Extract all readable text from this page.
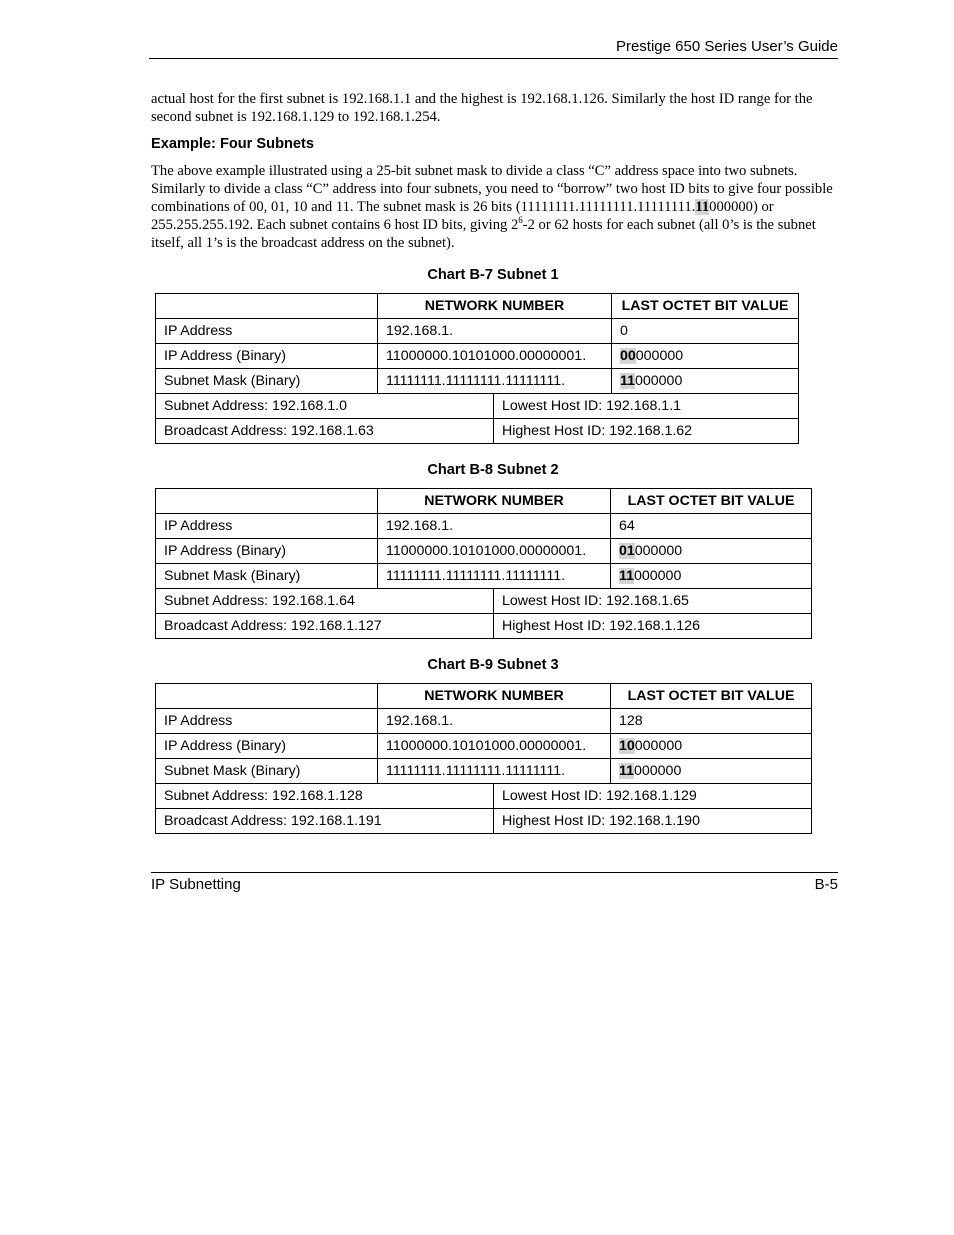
Prestige 650 Series User’s Guide

actual host for the first subnet is 192.168.1.1 and the highest is 192.168.1.126. Similarly the host ID range for the second subnet is 192.168.1.129 to 192.168.1.254.

Example: Four Subnets

The above example illustrated using a 25-bit subnet mask to divide a class “C” address space into two subnets. Similarly to divide a class “C” address into four subnets, you need to “borrow” two host ID bits to give four possible combinations of 00, 01, 10 and 11. The subnet mask is 26 bits (11111111.11111111.11111111.11000000) or 255.255.255.192. Each subnet contains 6 host ID bits, giving $2^6-2$ or 62 hosts for each subnet (all 0’s is the subnet itself, all 1’s is the broadcast address on the subnet).

Chart B-7 Subnet 1

	NETWORK NUMBER		LAST OCTET BIT VALUE
IP Address	192.168.1.		0
IP Address (Binary)	11000000.10101000.00000001.		00000000
Subnet Mask (Binary)	11111111.11111111.11111111.		11000000
Subnet Address: 192.168.1.0		Lowest Host ID: 192.168.1.1	
Broadcast Address: 192.168.1.63		Highest Host ID: 192.168.1.62	

Chart B-8 Subnet 2

	NETWORK NUMBER		LAST OCTET BIT VALUE
IP Address	192.168.1.		64
IP Address (Binary)	11000000.10101000.00000001.		01000000
Subnet Mask (Binary)	11111111.11111111.11111111.		11000000
Subnet Address: 192.168.1.64		Lowest Host ID: 192.168.1.65	
Broadcast Address: 192.168.1.127		Highest Host ID: 192.168.1.126	

Chart B-9 Subnet 3

	NETWORK NUMBER		LAST OCTET BIT VALUE
IP Address	192.168.1.		128
IP Address (Binary)	11000000.10101000.00000001.		10000000
Subnet Mask (Binary)	11111111.11111111.11111111.		11000000
Subnet Address: 192.168.1.128		Lowest Host ID: 192.168.1.129	
Broadcast Address: 192.168.1.191		Highest Host ID: 192.168.1.190	
IP Subnetting	B-5
